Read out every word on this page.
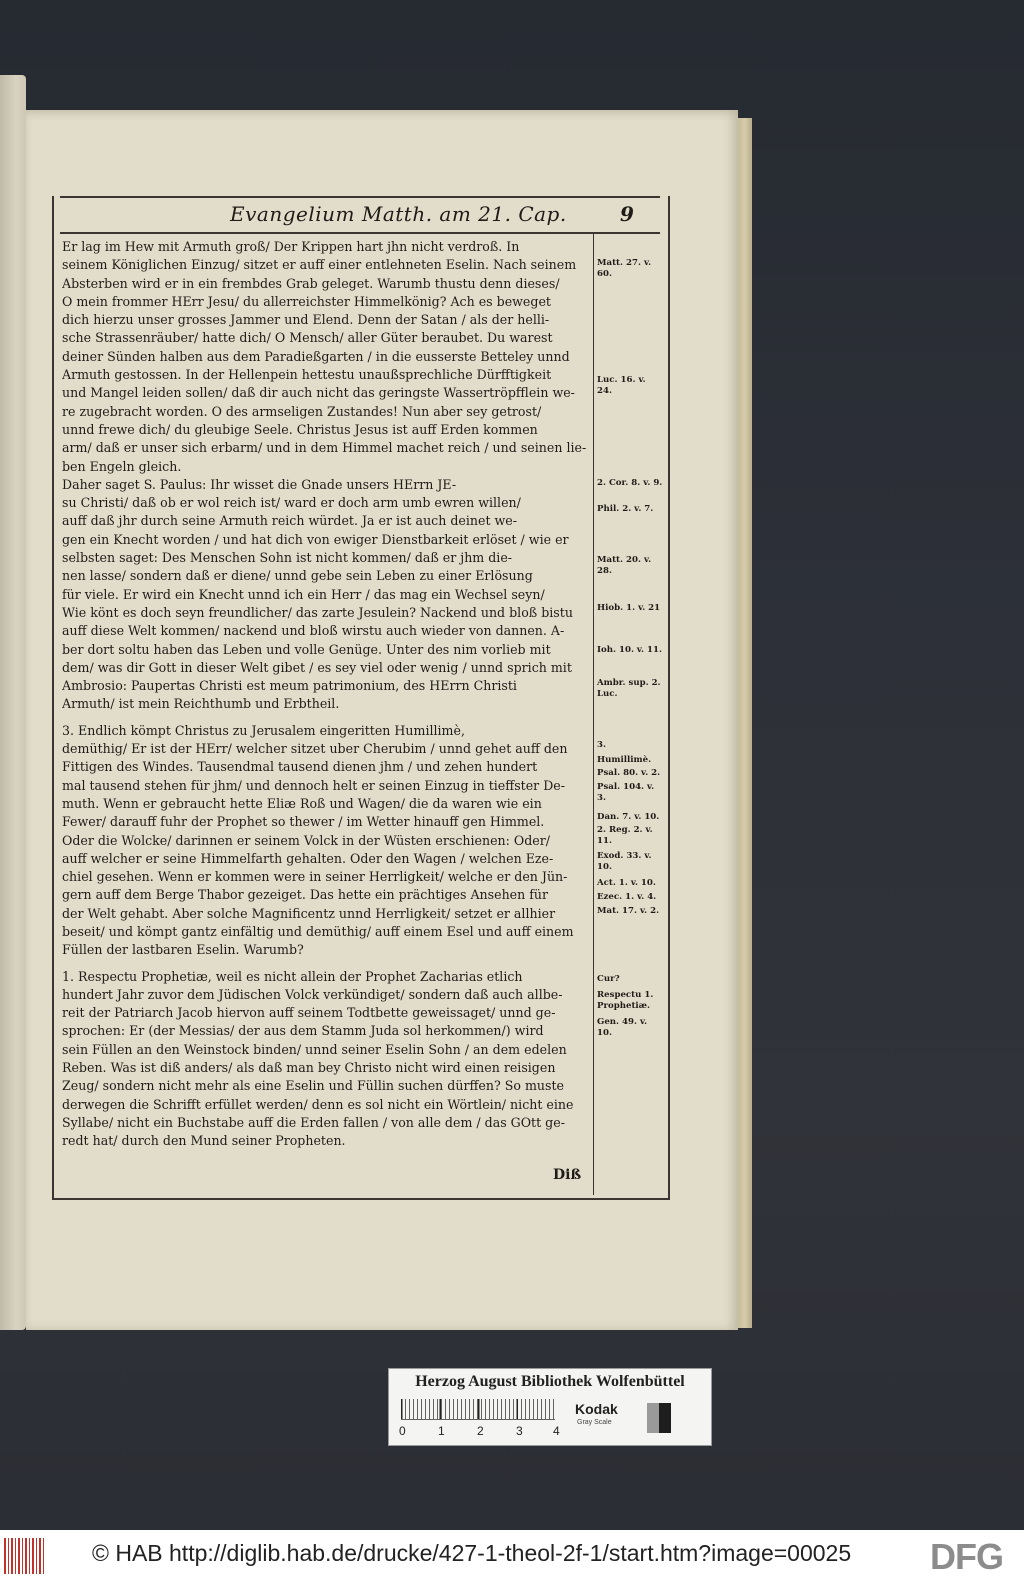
Evangelium Matth. am 21. Cap.	9
Er lag im Hew mit Armuth groß/ Der Krippen hart jhn nicht verdroß. In
seinem Königlichen Einzug/ sitzet er auff einer entlehneten Eselin. Nach seinem
Absterben wird er in ein frembdes Grab geleget. Warumb thustu denn dieses/
O mein frommer HErr Jesu/ du allerreichster Himmelkönig? Ach es beweget
dich hierzu unser grosses Jammer und Elend. Denn der Satan / als der helli-
sche Strassenräuber/ hatte dich/ O Mensch/ aller Güter beraubet. Du warest
deiner Sünden halben aus dem Paradießgarten / in die eusserste Betteley unnd
Armuth gestossen. In der Hellenpein hettestu unaußsprechliche Dürfftigkeit
und Mangel leiden sollen/ daß dir auch nicht das geringste Wassertröpfflein we-
re zugebracht worden. O des armseligen Zustandes! Nun aber sey getrost/
unnd frewe dich/ du gleubige Seele. Christus Jesus ist auff Erden kommen
arm/ daß er unser sich erbarm/ und in dem Himmel machet reich / und seinen lie-
ben Engeln gleich.
Daher saget S. Paulus: Ihr wisset die Gnade unsers HErrn JE-
su Christi/ daß ob er wol reich ist/ ward er doch arm umb ewren willen/
auff daß jhr durch seine Armuth reich würdet. Ja er ist auch deinet we-
gen ein Knecht worden / und hat dich von ewiger Dienstbarkeit erlöset / wie er
selbsten saget: Des Menschen Sohn ist nicht kommen/ daß er jhm die-
nen lasse/ sondern daß er diene/ unnd gebe sein Leben zu einer Erlösung
für viele. Er wird ein Knecht unnd ich ein Herr / das mag ein Wechsel seyn/
Wie könt es doch seyn freundlicher/ das zarte Jesulein? Nackend und bloß bistu
auff diese Welt kommen/ nackend und bloß wirstu auch wieder von dannen. A-
ber dort soltu haben das Leben und volle Genüge. Unter des nim vorlieb mit
dem/ was dir Gott in dieser Welt gibet / es sey viel oder wenig / unnd sprich mit
Ambrosio: Paupertas Christi est meum patrimonium, des HErrn Christi
Armuth/ ist mein Reichthumb und Erbtheil.
3. Endlich kömpt Christus zu Jerusalem eingeritten Humillimè,
demüthig/ Er ist der HErr/ welcher sitzet uber Cherubim / unnd gehet auff den
Fittigen des Windes. Tausendmal tausend dienen jhm / und zehen hundert
mal tausend stehen für jhm/ und dennoch helt er seinen Einzug in tieffster De-
muth. Wenn er gebraucht hette Eliæ Roß und Wagen/ die da waren wie ein
Fewer/ darauff fuhr der Prophet so thewer / im Wetter hinauff gen Himmel.
Oder die Wolcke/ darinnen er seinem Volck in der Wüsten erschienen: Oder/
auff welcher er seine Himmelfarth gehalten. Oder den Wagen / welchen Eze-
chiel gesehen. Wenn er kommen were in seiner Herrligkeit/ welche er den Jün-
gern auff dem Berge Thabor gezeiget. Das hette ein prächtiges Ansehen für
der Welt gehabt. Aber solche Magnificentz unnd Herrligkeit/ setzet er allhier
beseit/ und kömpt gantz einfältig und demüthig/ auff einem Esel und auff einem
Füllen der lastbaren Eselin. Warumb?
1. Respectu Prophetiæ, weil es nicht allein der Prophet Zacharias etlich
hundert Jahr zuvor dem Jüdischen Volck verkündiget/ sondern daß auch allbe-
reit der Patriarch Jacob hiervon auff seinem Todtbette geweissaget/ unnd ge-
sprochen: Er (der Messias/ der aus dem Stamm Juda sol herkommen/) wird
sein Füllen an den Weinstock binden/ unnd seiner Eselin Sohn / an dem edelen
Reben. Was ist diß anders/ als daß man bey Christo nicht wird einen reisigen
Zeug/ sondern nicht mehr als eine Eselin und Füllin suchen dürffen? So muste
derwegen die Schrifft erfüllet werden/ denn es sol nicht ein Wörtlein/ nicht eine
Syllabe/ nicht ein Buchstabe auff die Erden fallen / von alle dem / das GOtt ge-
redt hat/ durch den Mund seiner Propheten.
Matt. 27. v. 60.
Luc. 16. v. 24.
2. Cor. 8. v. 9.
Phil. 2. v. 7.
Matt. 20. v. 28.
Hiob. 1. v. 21
Ioh. 10. v. 11.
Ambr. sup. 2. Luc.
3.
Humillimè.
Psal. 80. v. 2.
Psal. 104. v. 3.
Dan. 7. v. 10.
2. Reg. 2. v. 11.
Exod. 33. v. 10.
Act. 1. v. 10.
Ezec. 1. v. 4.
Mat. 17. v. 2.
Cur?
Respectu 1. Prophetiæ.
Gen. 49. v. 10.
Diß
Herzog August Bibliothek Wolfenbüttel
0	1	2	3	4
Kodak
Gray Scale
© HAB http://diglib.hab.de/drucke/427-1-theol-2f-1/start.htm?image=00025 DFG
